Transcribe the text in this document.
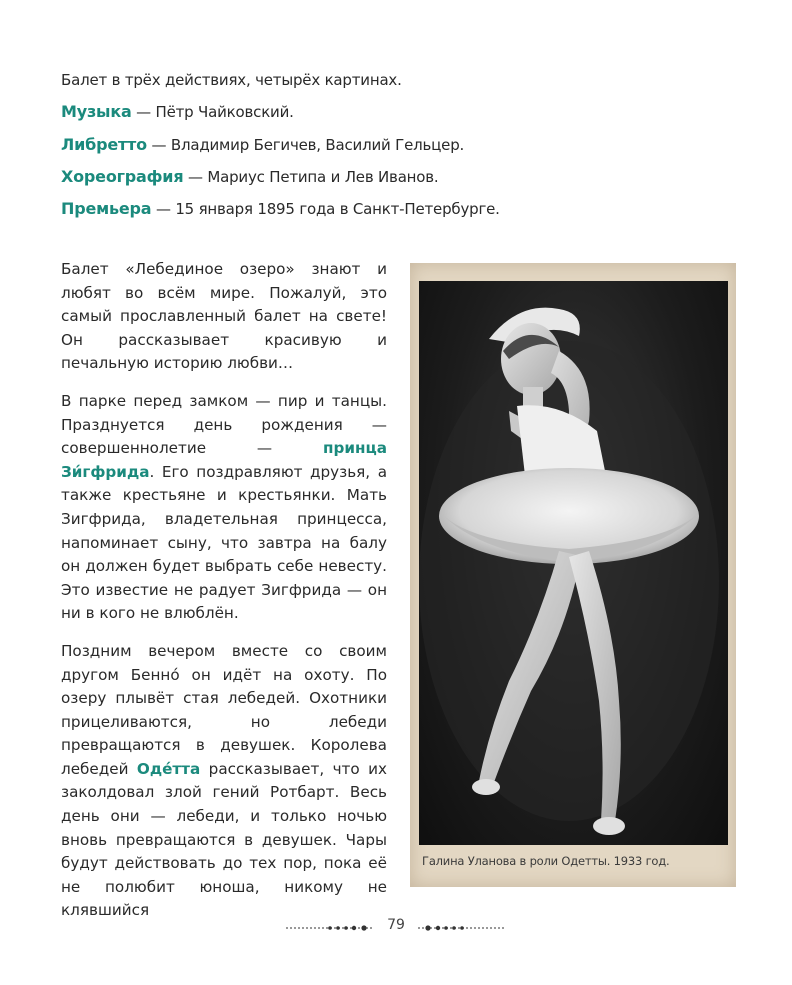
Балет в трёх действиях, четырёх картинах.

Музыка — Пётр Чайковский.

Либретто — Владимир Бегичев, Василий Гельцер.

Хореография — Мариус Петипа и Лев Иванов.

Премьера — 15 января 1895 года в Санкт-Петербурге.

Балет «Лебединое озеро» знают и любят во всём мире. Пожалуй, это самый прославленный балет на свете! Он рассказывает красивую и печальную историю любви…

В парке перед замком — пир и танцы. Празднуется день рождения — совершеннолетие — принца Зи́гфрида. Его поздравляют друзья, а также крестьяне и крестьянки. Мать Зигфрида, владетельная принцесса, напоминает сыну, что завтра на балу он должен будет выбрать себе невесту. Это известие не радует Зигфрида — он ни в кого не влюблён.

Поздним вечером вместе со своим другом Бенно́ он идёт на охоту. По озеру плывёт стая лебедей. Охотники прицеливаются, но лебеди превращаются в девушек. Королева лебедей Оде́тта рассказывает, что их заколдовал злой гений Ротбарт. Весь день они — лебеди, и только ночью вновь превращаются в девушек. Чары будут действовать до тех пор, пока её не полюбит юноша, никому не клявшийся

Галина Уланова в роли Одетты. 1933 год.
79
